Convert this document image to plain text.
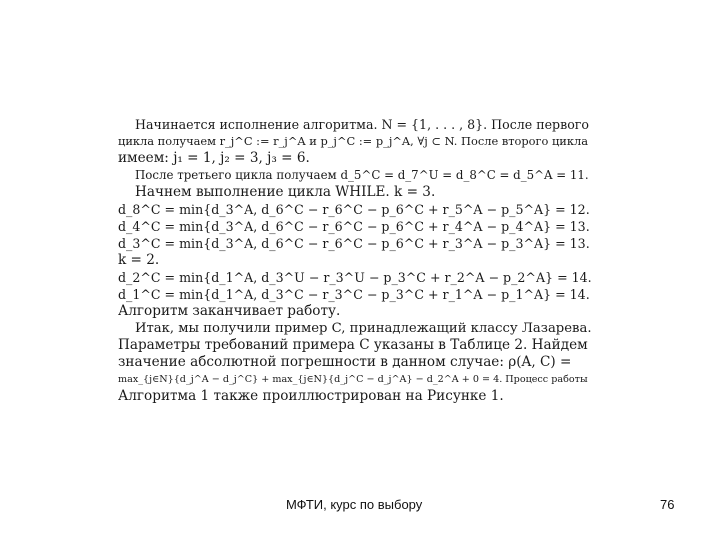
Начинается исполнение алгоритма. N = {1, . . . , 8}. После первого
цикла получаем r_j^C := r_j^A и p_j^C := p_j^A, ∀j ⊂ N. После второго цикла
имеем: j₁ = 1, j₂ = 3, j₃ = 6.
После третьего цикла получаем d_5^C = d_7^U = d_8^C = d_5^A = 11.
Начнем выполнение цикла WHILE. k = 3.
d_8^C = min{d_3^A, d_6^C − r_6^C − p_6^C + r_5^A − p_5^A} = 12.
d_4^C = min{d_3^A, d_6^C − r_6^C − p_6^C + r_4^A − p_4^A} = 13.
d_3^C = min{d_3^A, d_6^C − r_6^C − p_6^C + r_3^A − p_3^A} = 13.
k = 2.
d_2^C = min{d_1^A, d_3^U − r_3^U − p_3^C + r_2^A − p_2^A} = 14.
d_1^C = min{d_1^A, d_3^C − r_3^C − p_3^C + r_1^A − p_1^A} = 14.
Алгоритм заканчивает работу.
Итак, мы получили пример C, принадлежащий классу Лазарева.
Параметры требований примера C указаны в Таблице 2. Найдем
значение абсолютной погрешности в данном случае: ρ(A, C) =
max_{j∈N}{d_j^A − d_j^C} + max_{j∈N}{d_j^C − d_j^A} − d_2^A + 0 = 4. Процесс работы
Алгоритма 1 также проиллюстрирован на Рисунке 1.
МФТИ, курс по выбору	76
